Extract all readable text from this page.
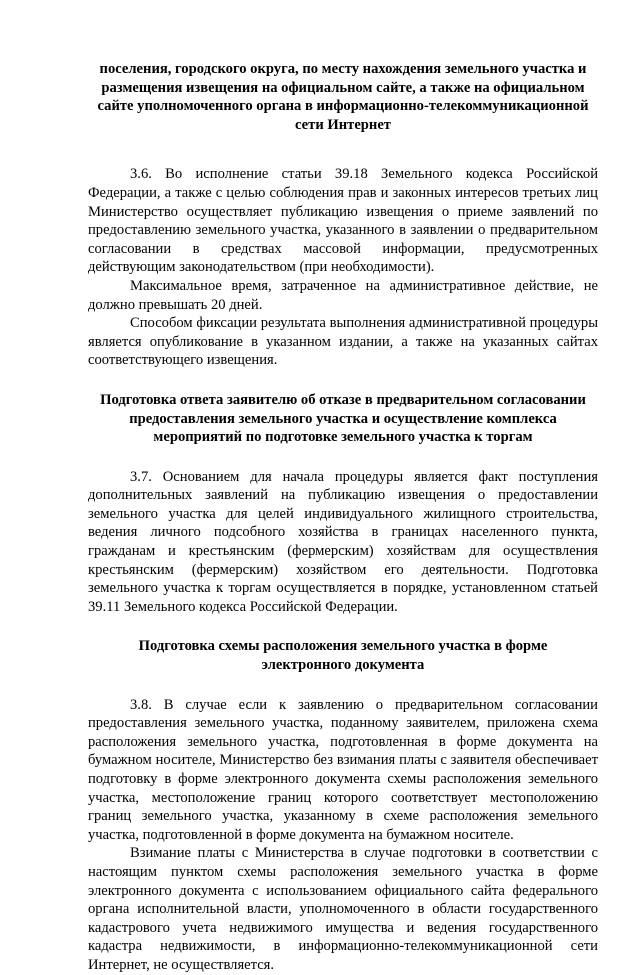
поселения, городского округа, по месту нахождения земельного участка и размещения извещения на официальном сайте, а также на официальном сайте уполномоченного органа в информационно-телекоммуникационной сети Интернет

3.6. Во исполнение статьи 39.18 Земельного кодекса Российской Федерации, а также с целью соблюдения прав и законных интересов третьих лиц Министерство осуществляет публикацию извещения о приеме заявлений по предоставлению земельного участка, указанного в заявлении о предварительном согласовании в средствах массовой информации, предусмотренных действующим законодательством (при необходимости).

Максимальное время, затраченное на административное действие, не должно превышать 20 дней.

Способом фиксации результата выполнения административной процедуры является опубликование в указанном издании, а также на указанных сайтах соответствующего извещения.

Подготовка ответа заявителю об отказе в предварительном согласовании предоставления земельного участка и осуществление комплекса мероприятий по подготовке земельного участка к торгам

3.7. Основанием для начала процедуры является факт поступления дополнительных заявлений на публикацию извещения о предоставлении земельного участка для целей индивидуального жилищного строительства, ведения личного подсобного хозяйства в границах населенного пункта, гражданам и крестьянским (фермерским) хозяйствам для осуществления крестьянским (фермерским) хозяйством его деятельности. Подготовка земельного участка к торгам осуществляется в порядке, установленном статьей 39.11 Земельного кодекса Российской Федерации.

Подготовка схемы расположения земельного участка в форме электронного документа

3.8. В случае если к заявлению о предварительном согласовании предоставления земельного участка, поданному заявителем, приложена схема расположения земельного участка, подготовленная в форме документа на бумажном носителе, Министерство без взимания платы с заявителя обеспечивает подготовку в форме электронного документа схемы расположения земельного участка, местоположение границ которого соответствует местоположению границ земельного участка, указанному в схеме расположения земельного участка, подготовленной в форме документа на бумажном носителе.

Взимание платы с Министерства в случае подготовки в соответствии с настоящим пунктом схемы расположения земельного участка в форме электронного документа с использованием официального сайта федерального органа исполнительной власти, уполномоченного в области государственного кадастрового учета недвижимого имущества и ведения государственного кадастра недвижимости, в информационно-телекоммуникационной сети Интернет, не осуществляется.
